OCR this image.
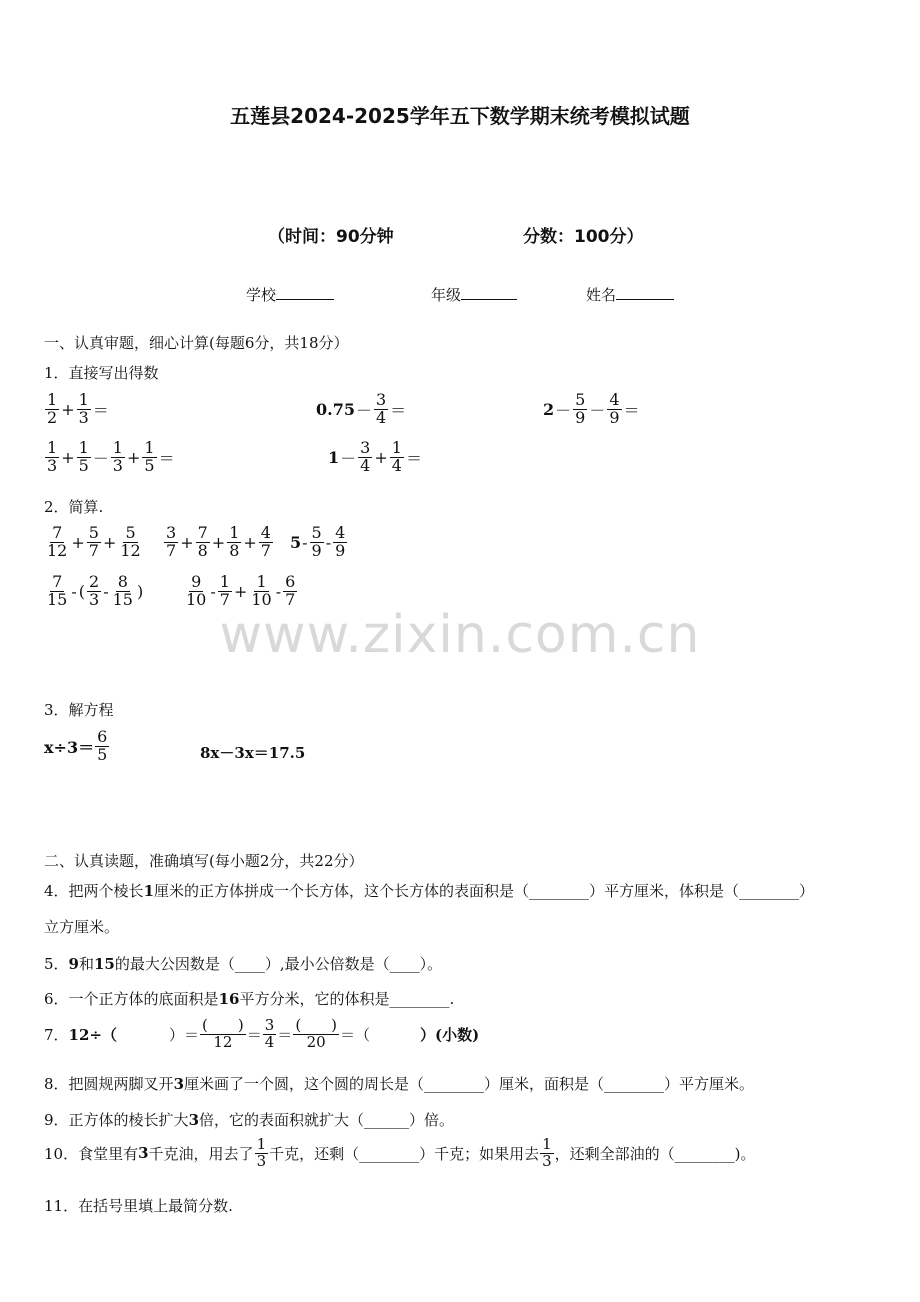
五莲县2024-2025学年五下数学期末统考模拟试题
（时间：90分钟	分数：100分）
学校	年级	姓名
一、认真审题，细心计算(每题6分，共18分）
1．直接写出得数
$\frac{1}{2} + \frac{1}{3}$ ＝	$0.75 - \frac{3}{4}$ ＝	$2 - \frac{5}{9} - \frac{4}{9}$ ＝
$\frac{1}{3} + \frac{1}{5} - \frac{1}{3} + \frac{1}{5}$ ＝	$1 - \frac{3}{4} + \frac{1}{4}$ ＝
2．简算.
$\frac{7}{12} + \frac{5}{7} + \frac{5}{12} \frac{3}{7} + \frac{7}{8} + \frac{1}{8} + \frac{4}{7} 5 - \frac{5}{9} - \frac{4}{9}$
$\frac{7}{15}$ - ( $\frac{2}{3} - \frac{8}{15}$ )	$\frac{9}{10} - \frac{1}{7} + \frac{1}{10} - \frac{6}{7}$
www.zixin.com.cn
3．解方程
$x\div 3= \frac{6}{5}$	8x－3x＝17.5
二、认真读题，准确填写(每小题2分，共22分）
4．把两个棱长1厘米的正方体拼成一个长方体，这个长方体的表面积是（________）平方厘米，体积是（________）
立方厘米。
5．9和15的最大公因数是（____）,最小公倍数是（____）。
6．一个正方体的底面积是16平方分米，它的体积是________.
7． 12÷（	）＝ $\frac{( )}{12} = \frac{3}{4} = \frac{( )}{20}$ ＝（	）(小数)
8．把圆规两脚叉开3厘米画了一个圆，这个圆的周长是（________）厘米，面积是（________）平方厘米。
9．正方体的棱长扩大3倍，它的表面积就扩大（______）倍。
10． 食堂里有 3 千克油，用去了 $\frac{1}{3}$ 千克，还剩（________）千克；如果用去 $\frac{1}{3}$ ，还剩全部油的（________)。
11．在括号里填上最简分数.
